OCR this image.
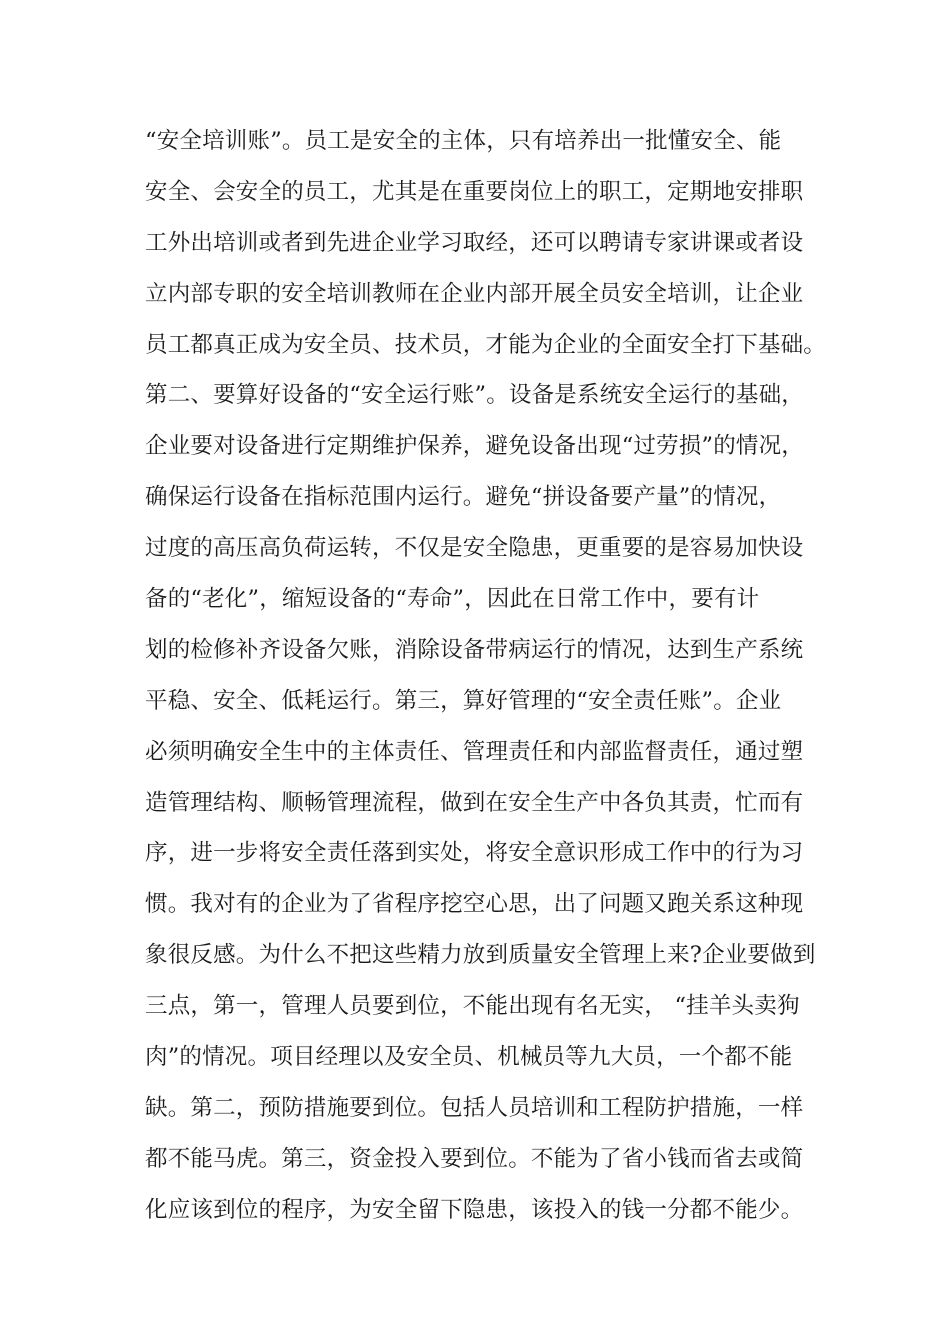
“安全培训账”。员工是安全的主体，只有培养出一批懂安全、能
安全、会安全的员工，尤其是在重要岗位上的职工，定期地安排职
工外出培训或者到先进企业学习取经，还可以聘请专家讲课或者设
立内部专职的安全培训教师在企业内部开展全员安全培训，让企业
员工都真正成为安全员、技术员，才能为企业的全面安全打下基础。
第二、要算好设备的“安全运行账”。设备是系统安全运行的基础，
企业要对设备进行定期维护保养，避免设备出现“过劳损”的情况，
确保运行设备在指标范围内运行。避免“拼设备要产量”的情况，
过度的高压高负荷运转，不仅是安全隐患，更重要的是容易加快设
备的“老化”，缩短设备的“寿命”，因此在日常工作中，要有计
划的检修补齐设备欠账，消除设备带病运行的情况，达到生产系统
平稳、安全、低耗运行。第三，算好管理的“安全责任账”。企业
必须明确安全生中的主体责任、管理责任和内部监督责任，通过塑
造管理结构、顺畅管理流程，做到在安全生产中各负其责，忙而有
序，进一步将安全责任落到实处，将安全意识形成工作中的行为习
惯。我对有的企业为了省程序挖空心思，出了问题又跑关系这种现
象很反感。为什么不把这些精力放到质量安全管理上来?企业要做到
三点，第一，管理人员要到位，不能出现有名无实， “挂羊头卖狗
肉”的情况。项目经理以及安全员、机械员等九大员，一个都不能
缺。第二，预防措施要到位。包括人员培训和工程防护措施，一样
都不能马虎。第三，资金投入要到位。不能为了省小钱而省去或简
化应该到位的程序，为安全留下隐患，该投入的钱一分都不能少。
